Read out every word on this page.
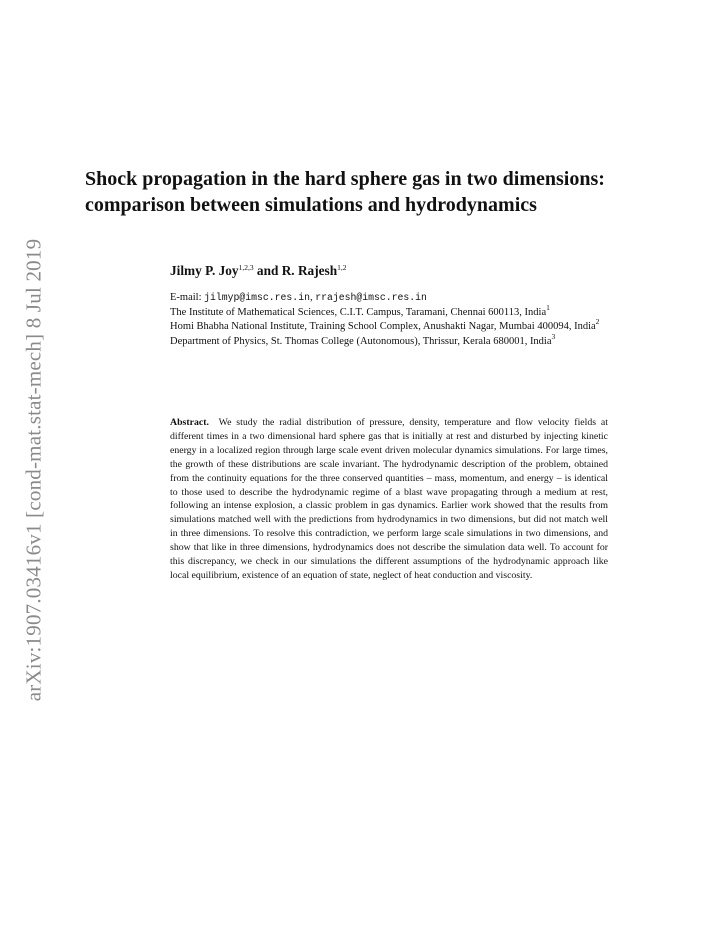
arXiv:1907.03416v1 [cond-mat.stat-mech] 8 Jul 2019
Shock propagation in the hard sphere gas in two dimensions: comparison between simulations and hydrodynamics
Jilmy P. Joy$^{1,2,3}$ and R. Rajesh$^{1,2}$
E-mail: jilmyp@imsc.res.in, rrajesh@imsc.res.in
The Institute of Mathematical Sciences, C.I.T. Campus, Taramani, Chennai 600113, India$^1$
Homi Bhabha National Institute, Training School Complex, Anushakti Nagar, Mumbai 400094, India$^2$
Department of Physics, St. Thomas College (Autonomous), Thrissur, Kerala 680001, India$^3$

Abstract. We study the radial distribution of pressure, density, temperature and flow velocity fields at different times in a two dimensional hard sphere gas that is initially at rest and disturbed by injecting kinetic energy in a localized region through large scale event driven molecular dynamics simulations. For large times, the growth of these distributions are scale invariant. The hydrodynamic description of the problem, obtained from the continuity equations for the three conserved quantities – mass, momentum, and energy – is identical to those used to describe the hydrodynamic regime of a blast wave propagating through a medium at rest, following an intense explosion, a classic problem in gas dynamics. Earlier work showed that the results from simulations matched well with the predictions from hydrodynamics in two dimensions, but did not match well in three dimensions. To resolve this contradiction, we perform large scale simulations in two dimensions, and show that like in three dimensions, hydrodynamics does not describe the simulation data well. To account for this discrepancy, we check in our simulations the different assumptions of the hydrodynamic approach like local equilibrium, existence of an equation of state, neglect of heat conduction and viscosity.
